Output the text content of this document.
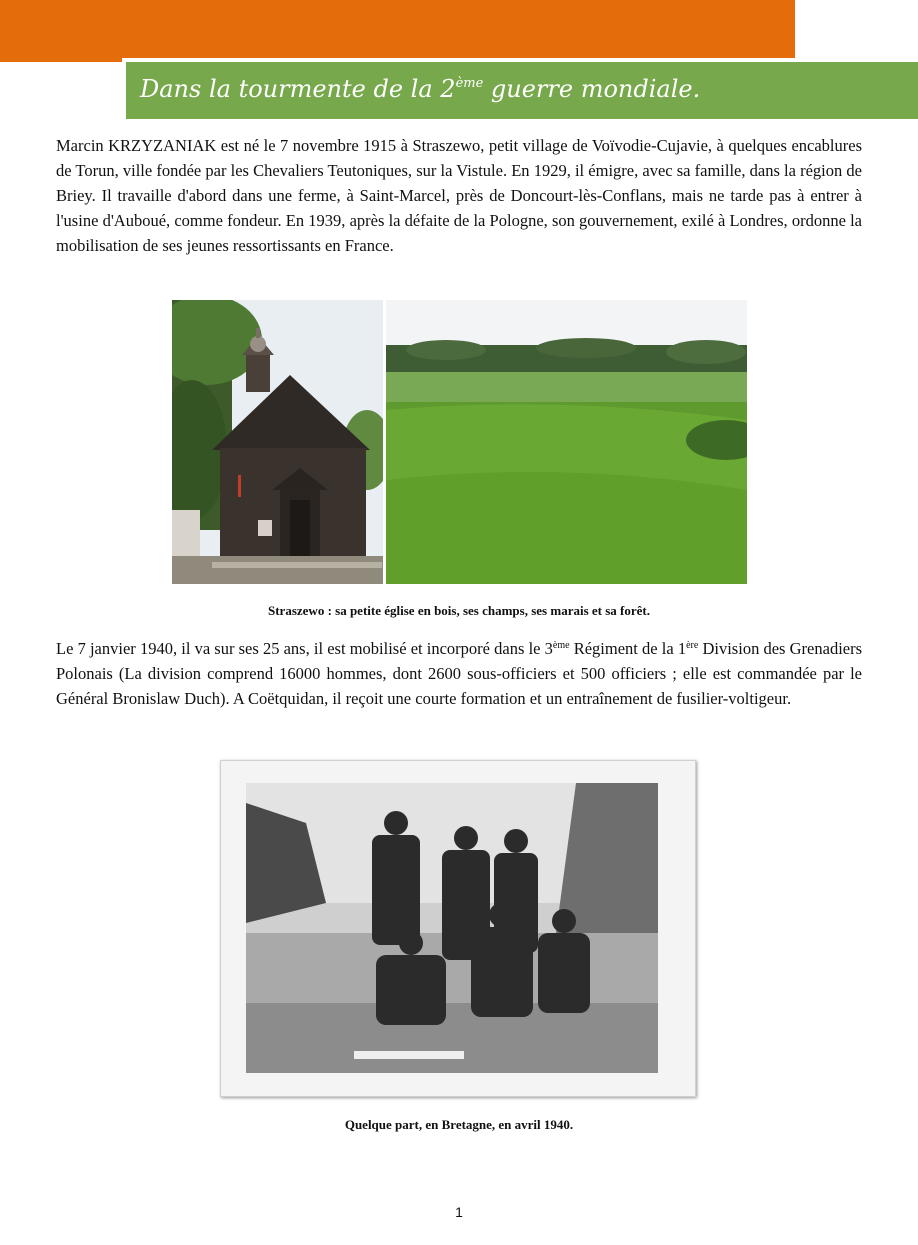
Dans la tourmente de la 2ème guerre mondiale.

Marcin KRZYZANIAK est né le 7 novembre 1915 à Straszewo, petit village de Voïvodie-Cujavie, à quelques encablures de Torun, ville fondée par les Chevaliers Teutoniques, sur la Vistule. En 1929, il émigre, avec sa famille, dans la région de Briey. Il travaille d'abord dans une ferme, à Saint-Marcel, près de Doncourt-lès-Conflans, mais ne tarde pas à entrer à l'usine d'Auboué, comme fondeur. En 1939, après la défaite de la Pologne, son gouvernement, exilé à Londres, ordonne la mobilisation de ses jeunes ressortissants en France.

Straszewo : sa petite église en bois, ses champs, ses marais et sa forêt.

Le 7 janvier 1940, il va sur ses 25 ans, il est mobilisé et incorporé dans le 3ème Régiment de la 1ère Division des Grenadiers Polonais (La division comprend 16000 hommes, dont 2600 sous-officiers et 500 officiers ; elle est commandée par le Général Bronislaw Duch). A Coëtquidan, il reçoit une courte formation et un entraînement de fusilier-voltigeur.

Quelque part, en Bretagne, en avril 1940.
1
